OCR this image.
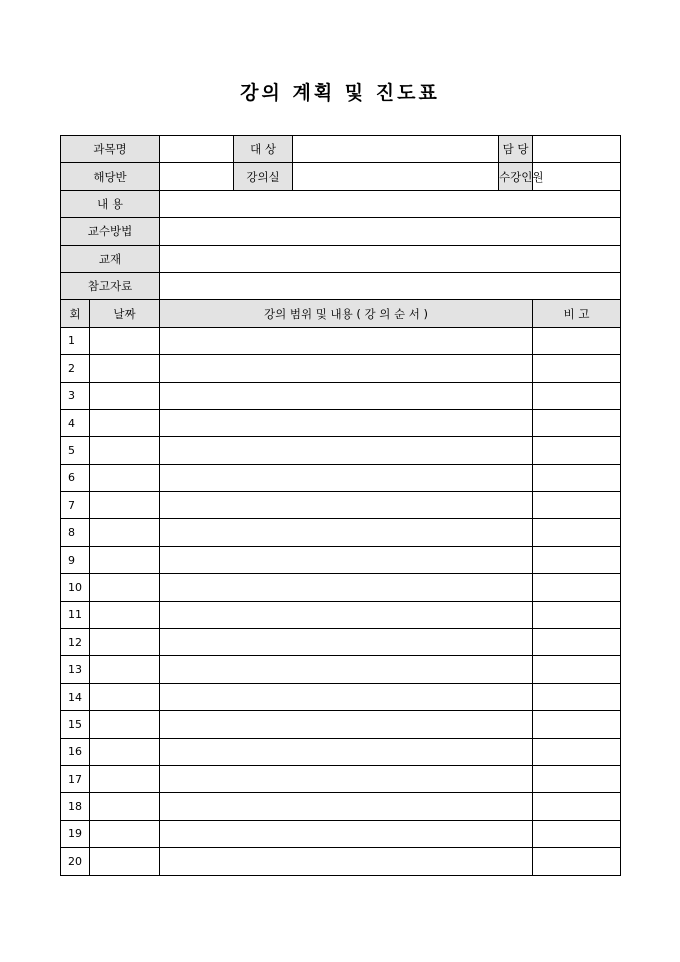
강의 계획 및 진도표
과목명			대 상		담 당	
해당반			강의실		수강인원	
내 용						
교수방법						
교재						
참고자료						
회	날짜	강의 범위 및 내용 ( 강 의 순 서 )				비 고
1						
2						
3						
4						
5						
6						
7						
8						
9						
10						
11						
12						
13						
14						
15						
16						
17						
18						
19						
20						
